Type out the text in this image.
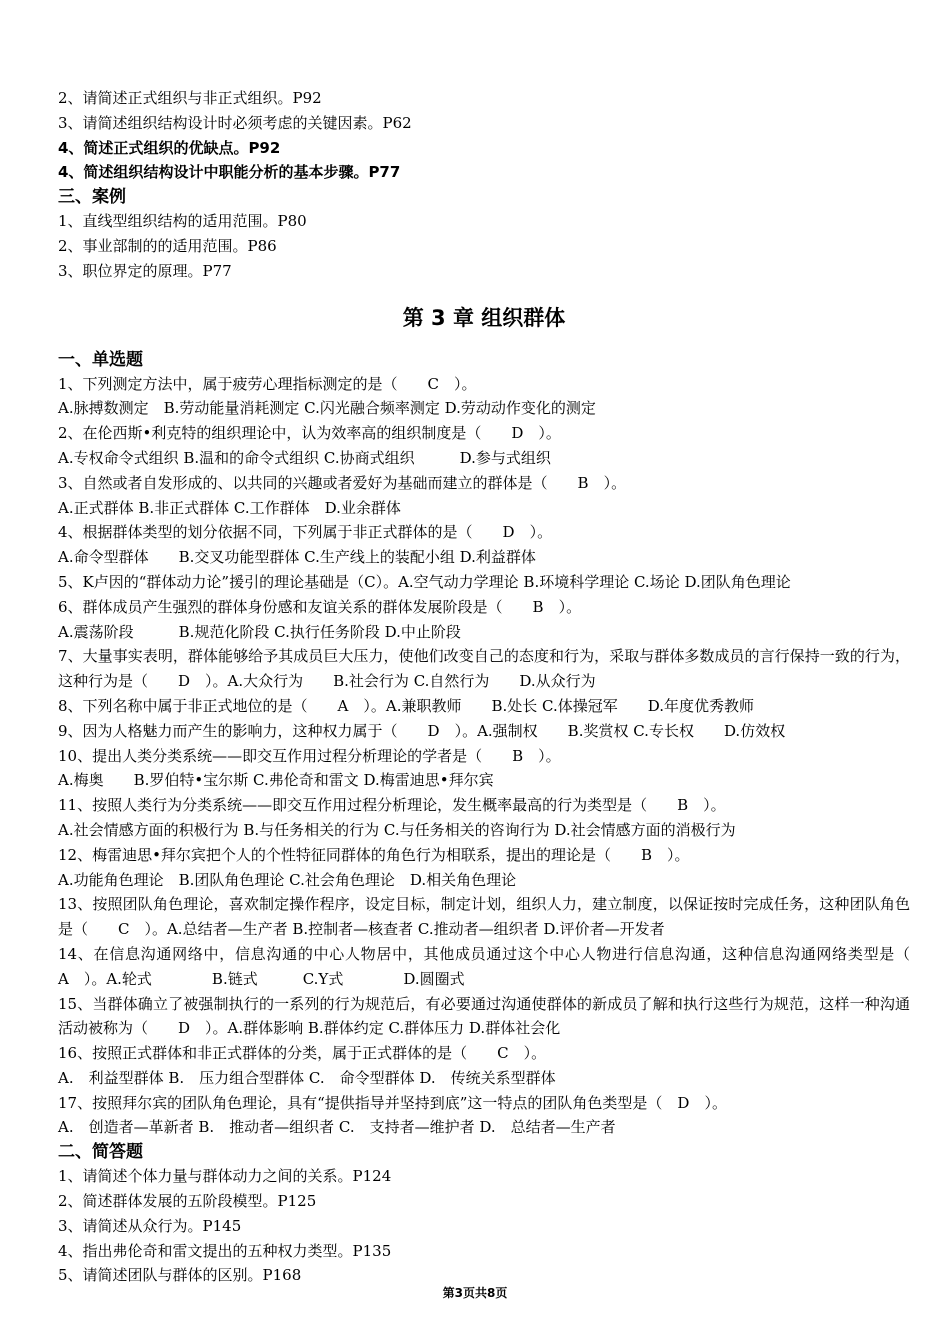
2、请简述正式组织与非正式组织。P92
3、请简述组织结构设计时必须考虑的关键因素。P62
4、简述正式组织的优缺点。P92
4、简述组织结构设计中职能分析的基本步骤。P77
三、案例
1、直线型组织结构的适用范围。P80
2、事业部制的的适用范围。P86
3、职位界定的原理。P77
第 3 章 组织群体
一、单选题
1、下列测定方法中，属于疲劳心理指标测定的是（　　C　）。
A.脉搏数测定　B.劳动能量消耗测定 C.闪光融合频率测定 D.劳动动作变化的测定
2、在伦西斯•利克特的组织理论中，认为效率高的组织制度是（　　D　）。
A.专权命令式组织 B.温和的命令式组织 C.协商式组织　　　D.参与式组织
3、自然或者自发形成的、以共同的兴趣或者爱好为基础而建立的群体是（　　B　）。
A.正式群体 B.非正式群体 C.工作群体　D.业余群体
4、根据群体类型的划分依据不同，下列属于非正式群体的是（　　D　）。
A.命令型群体　　B.交叉功能型群体 C.生产线上的装配小组 D.利益群体
5、K卢因的“群体动力论”援引的理论基础是（C）。A.空气动力学理论 B.环境科学理论 C.场论 D.团队角色理论
6、群体成员产生强烈的群体身份感和友谊关系的群体发展阶段是（　　B　）。
A.震荡阶段　　　B.规范化阶段 C.执行任务阶段 D.中止阶段
7、大量事实表明，群体能够给予其成员巨大压力，使他们改变自己的态度和行为，采取与群体多数成员的言行保持一致的行为，这种行为是（　　D　）。A.大众行为　　B.社会行为 C.自然行为　　D.从众行为
8、下列名称中属于非正式地位的是（　　A　）。A.兼职教师　　B.处长 C.体操冠军　　D.年度优秀教师
9、因为人格魅力而产生的影响力，这种权力属于（　　D　）。A.强制权　　B.奖赏权 C.专长权　　D.仿效权
10、提出人类分类系统——即交互作用过程分析理论的学者是（　　B　）。
A.梅奥　　B.罗伯特•宝尔斯 C.弗伦奇和雷文 D.梅雷迪思•拜尔宾
11、按照人类行为分类系统——即交互作用过程分析理论，发生概率最高的行为类型是（　　B　）。
A.社会情感方面的积极行为 B.与任务相关的行为 C.与任务相关的咨询行为 D.社会情感方面的消极行为
12、梅雷迪思•拜尔宾把个人的个性特征同群体的角色行为相联系，提出的理论是（　　B　）。
A.功能角色理论　B.团队角色理论 C.社会角色理论　D.相关角色理论
13、按照团队角色理论，喜欢制定操作程序，设定目标，制定计划，组织人力，建立制度，以保证按时完成任务，这种团队角色是（　　C　）。A.总结者—生产者 B.控制者—核查者 C.推动者—组织者 D.评价者—开发者
14、在信息沟通网络中，信息沟通的中心人物居中，其他成员通过这个中心人物进行信息沟通，这种信息沟通网络类型是（　　A　）。A.轮式　　　　B.链式　　　C.Y式　　　　D.圆圈式
15、当群体确立了被强制执行的一系列的行为规范后，有必要通过沟通使群体的新成员了解和执行这些行为规范，这样一种沟通活动被称为（　　D　）。A.群体影响 B.群体约定 C.群体压力 D.群体社会化
16、按照正式群体和非正式群体的分类，属于正式群体的是（　　C　）。
A.　利益型群体 B.　压力组合型群体 C.　命令型群体 D.　传统关系型群体
17、按照拜尔宾的团队角色理论，具有“提供指导并坚持到底”这一特点的团队角色类型是（　D　）。
A.　创造者—革新者 B.　推动者—组织者 C.　支持者—维护者 D.　总结者—生产者
二、简答题
1、请简述个体力量与群体动力之间的关系。P124
2、简述群体发展的五阶段模型。P125
3、请简述从众行为。P145
4、指出弗伦奇和雷文提出的五种权力类型。P135
5、请简述团队与群体的区别。P168
第3页共8页
